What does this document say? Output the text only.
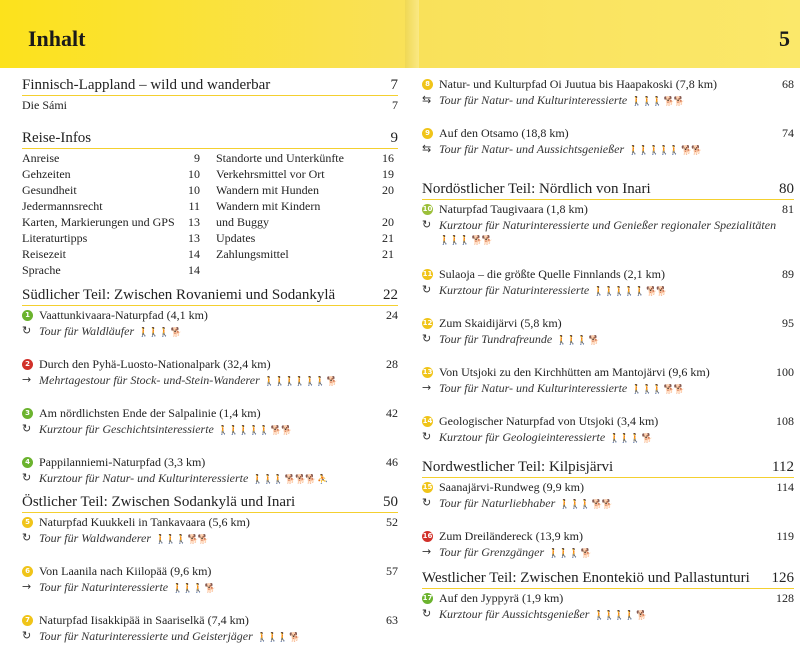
Inhalt	5
Finnisch-Lappland – wild und wanderbar	7
Die Sámi	7
Reise-Infos	9
Anreise	9
Gehzeiten	10
Gesundheit	10
Jedermannsrecht	11
Karten, Markierungen und GPS 13
Literaturtipps	13
Reisezeit	14
Sprache	14
Standorte und Unterkünfte	16
Verkehrsmittel vor Ort	19
Wandern mit Hunden	20
Wandern mit Kindern
und Buggy	20
Updates	21
Zahlungsmittel	21
Südlicher Teil: Zwischen Rovaniemi und Sodankylä	22
1 Vaattunkivaara-Naturpfad (4,1 km)	24
↻ Tour für Waldläufer 🚶🚶🚶 🐕
2 Durch den Pyhä-Luosto-Nationalpark (32,4 km)	28
→ Mehrtagestour für Stock- und-Stein-Wanderer 🚶🚶🚶🚶🚶🚶 🐕
3 Am nördlichsten Ende der Salpalinie (1,4 km)	42
↻ Kurztour für Geschichtsinteressierte 🚶🚶🚶🚶🚶 🐕🐕
4 Pappilanniemi-Naturpfad (3,3 km)	46
↻ Kurztour für Natur- und Kulturinteressierte 🚶🚶🚶 🐕🐕🐕 ⛹
Östlicher Teil: Zwischen Sodankylä und Inari	50
5 Naturpfad Kuukkeli in Tankavaara (5,6 km)	52
↻ Tour für Waldwanderer 🚶🚶🚶 🐕🐕
6 Von Laanila nach Kiilopää (9,6 km)	57
→ Tour für Naturinteressierte 🚶🚶🚶 🐕
7 Naturpfad Iisakkipää in Saariselkä (7,4 km)	63
↻ Tour für Naturinteressierte und Geisterjäger 🚶🚶🚶 🐕
8 Natur- und Kulturpfad Oi Juutua bis Haapakoski (7,8 km)	68
⇆ Tour für Natur- und Kulturinteressierte 🚶🚶🚶 🐕🐕
9 Auf den Otsamo (18,8 km)	74
⇆ Tour für Natur- und Aussichtsgenießer 🚶🚶🚶🚶🚶 🐕🐕
Nordöstlicher Teil: Nördlich von Inari	80
10 Naturpfad Taugivaara (1,8 km)	81
↻ Kurztour für Naturinteressierte und Genießer regionaler Spezialitäten
🚶🚶🚶 🐕🐕
11 Sulaoja – die größte Quelle Finnlands (2,1 km)	89
↻ Kurztour für Naturinteressierte 🚶🚶🚶🚶🚶 🐕🐕
12 Zum Skaidijärvi (5,8 km)	95
↻ Tour für Tundrafreunde 🚶🚶🚶 🐕
13 Von Utsjoki zu den Kirchhütten am Mantojärvi (9,6 km)	100
→ Tour für Natur- und Kulturinteressierte 🚶🚶🚶 🐕🐕
14 Geologischer Naturpfad von Utsjoki (3,4 km)	108
↻ Kurztour für Geologieinteressierte 🚶🚶🚶 🐕
Nordwestlicher Teil: Kilpisjärvi	112
15 Saanajärvi-Rundweg (9,9 km)	114
↻ Tour für Naturliebhaber 🚶🚶🚶 🐕🐕
16 Zum Dreiländereck (13,9 km)	119
→ Tour für Grenzgänger 🚶🚶🚶 🐕
Westlicher Teil: Zwischen Enontekiö und Pallastunturi 126
17 Auf den Jyppyrä (1,9 km)	128
↻ Kurztour für Aussichtsgenießer 🚶🚶🚶🚶 🐕
